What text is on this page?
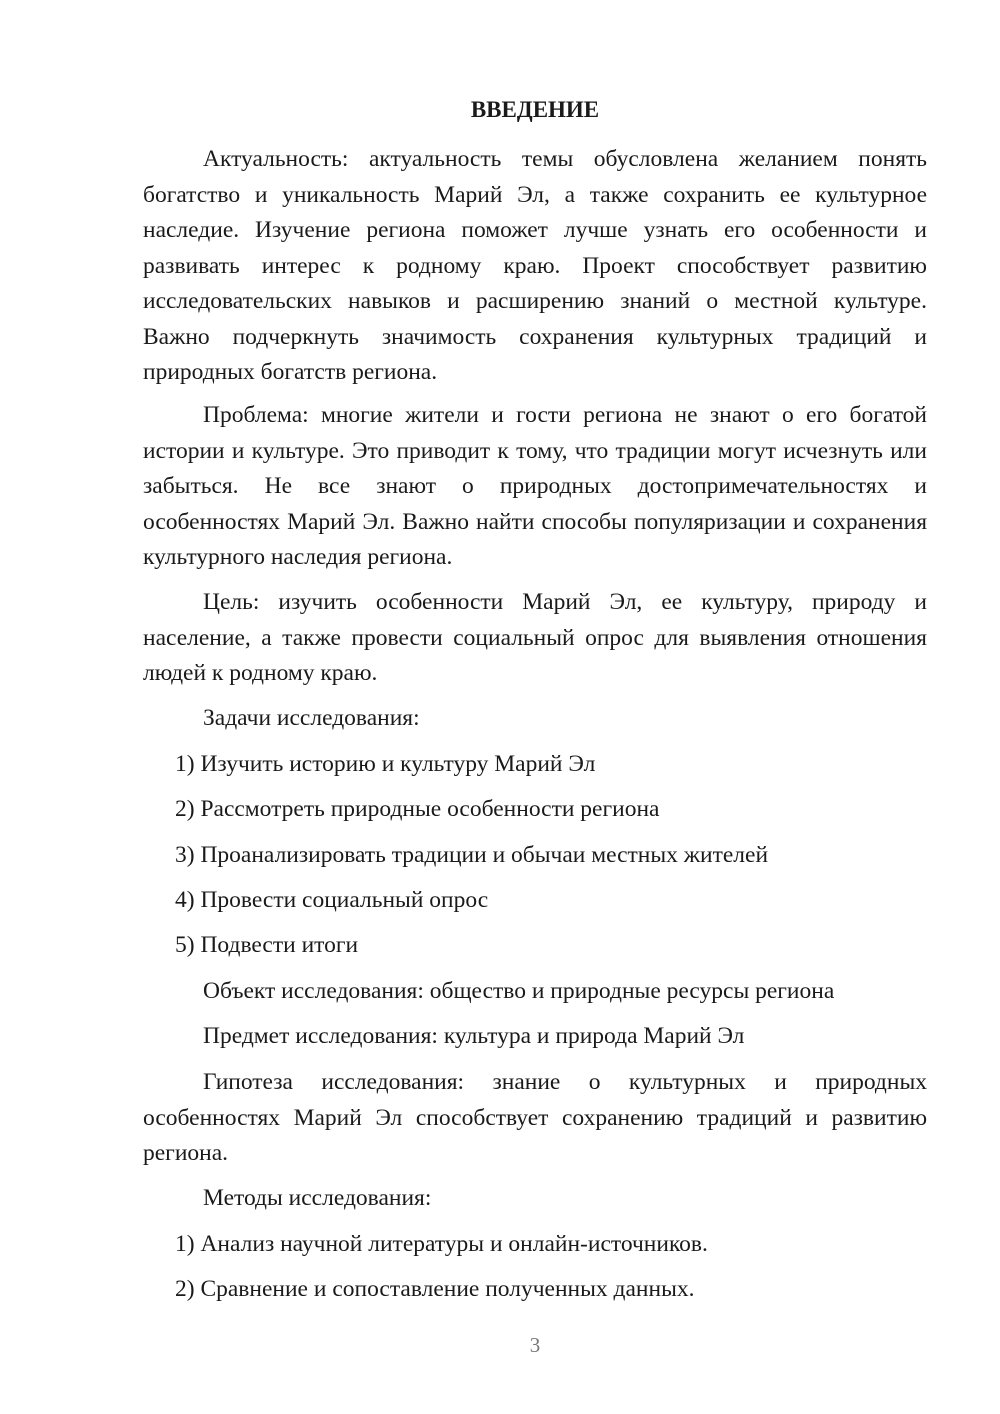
ВВЕДЕНИЕ

Актуальность: актуальность темы обусловлена желанием понять богатство и уникальность Марий Эл, а также сохранить ее культурное наследие. Изучение региона поможет лучше узнать его особенности и развивать интерес к родному краю. Проект способствует развитию исследовательских навыков и расширению знаний о местной культуре. Важно подчеркнуть значимость сохранения культурных традиций и природных богатств региона.

Проблема: многие жители и гости региона не знают о его богатой истории и культуре. Это приводит к тому, что традиции могут исчезнуть или забыться. Не все знают о природных достопримечательностях и особенностях Марий Эл. Важно найти способы популяризации и сохранения культурного наследия региона.

Цель: изучить особенности Марий Эл, ее культуру, природу и население, а также провести социальный опрос для выявления отношения людей к родному краю.

Задачи исследования:

1) Изучить историю и культуру Марий Эл

2) Рассмотреть природные особенности региона

3) Проанализировать традиции и обычаи местных жителей

4) Провести социальный опрос

5) Подвести итоги

Объект исследования: общество и природные ресурсы региона

Предмет исследования: культура и природа Марий Эл

Гипотеза исследования: знание о культурных и природных особенностях Марий Эл способствует сохранению традиций и развитию региона.

Методы исследования:

1) Анализ научной литературы и онлайн-источников.

2) Сравнение и сопоставление полученных данных.

3
